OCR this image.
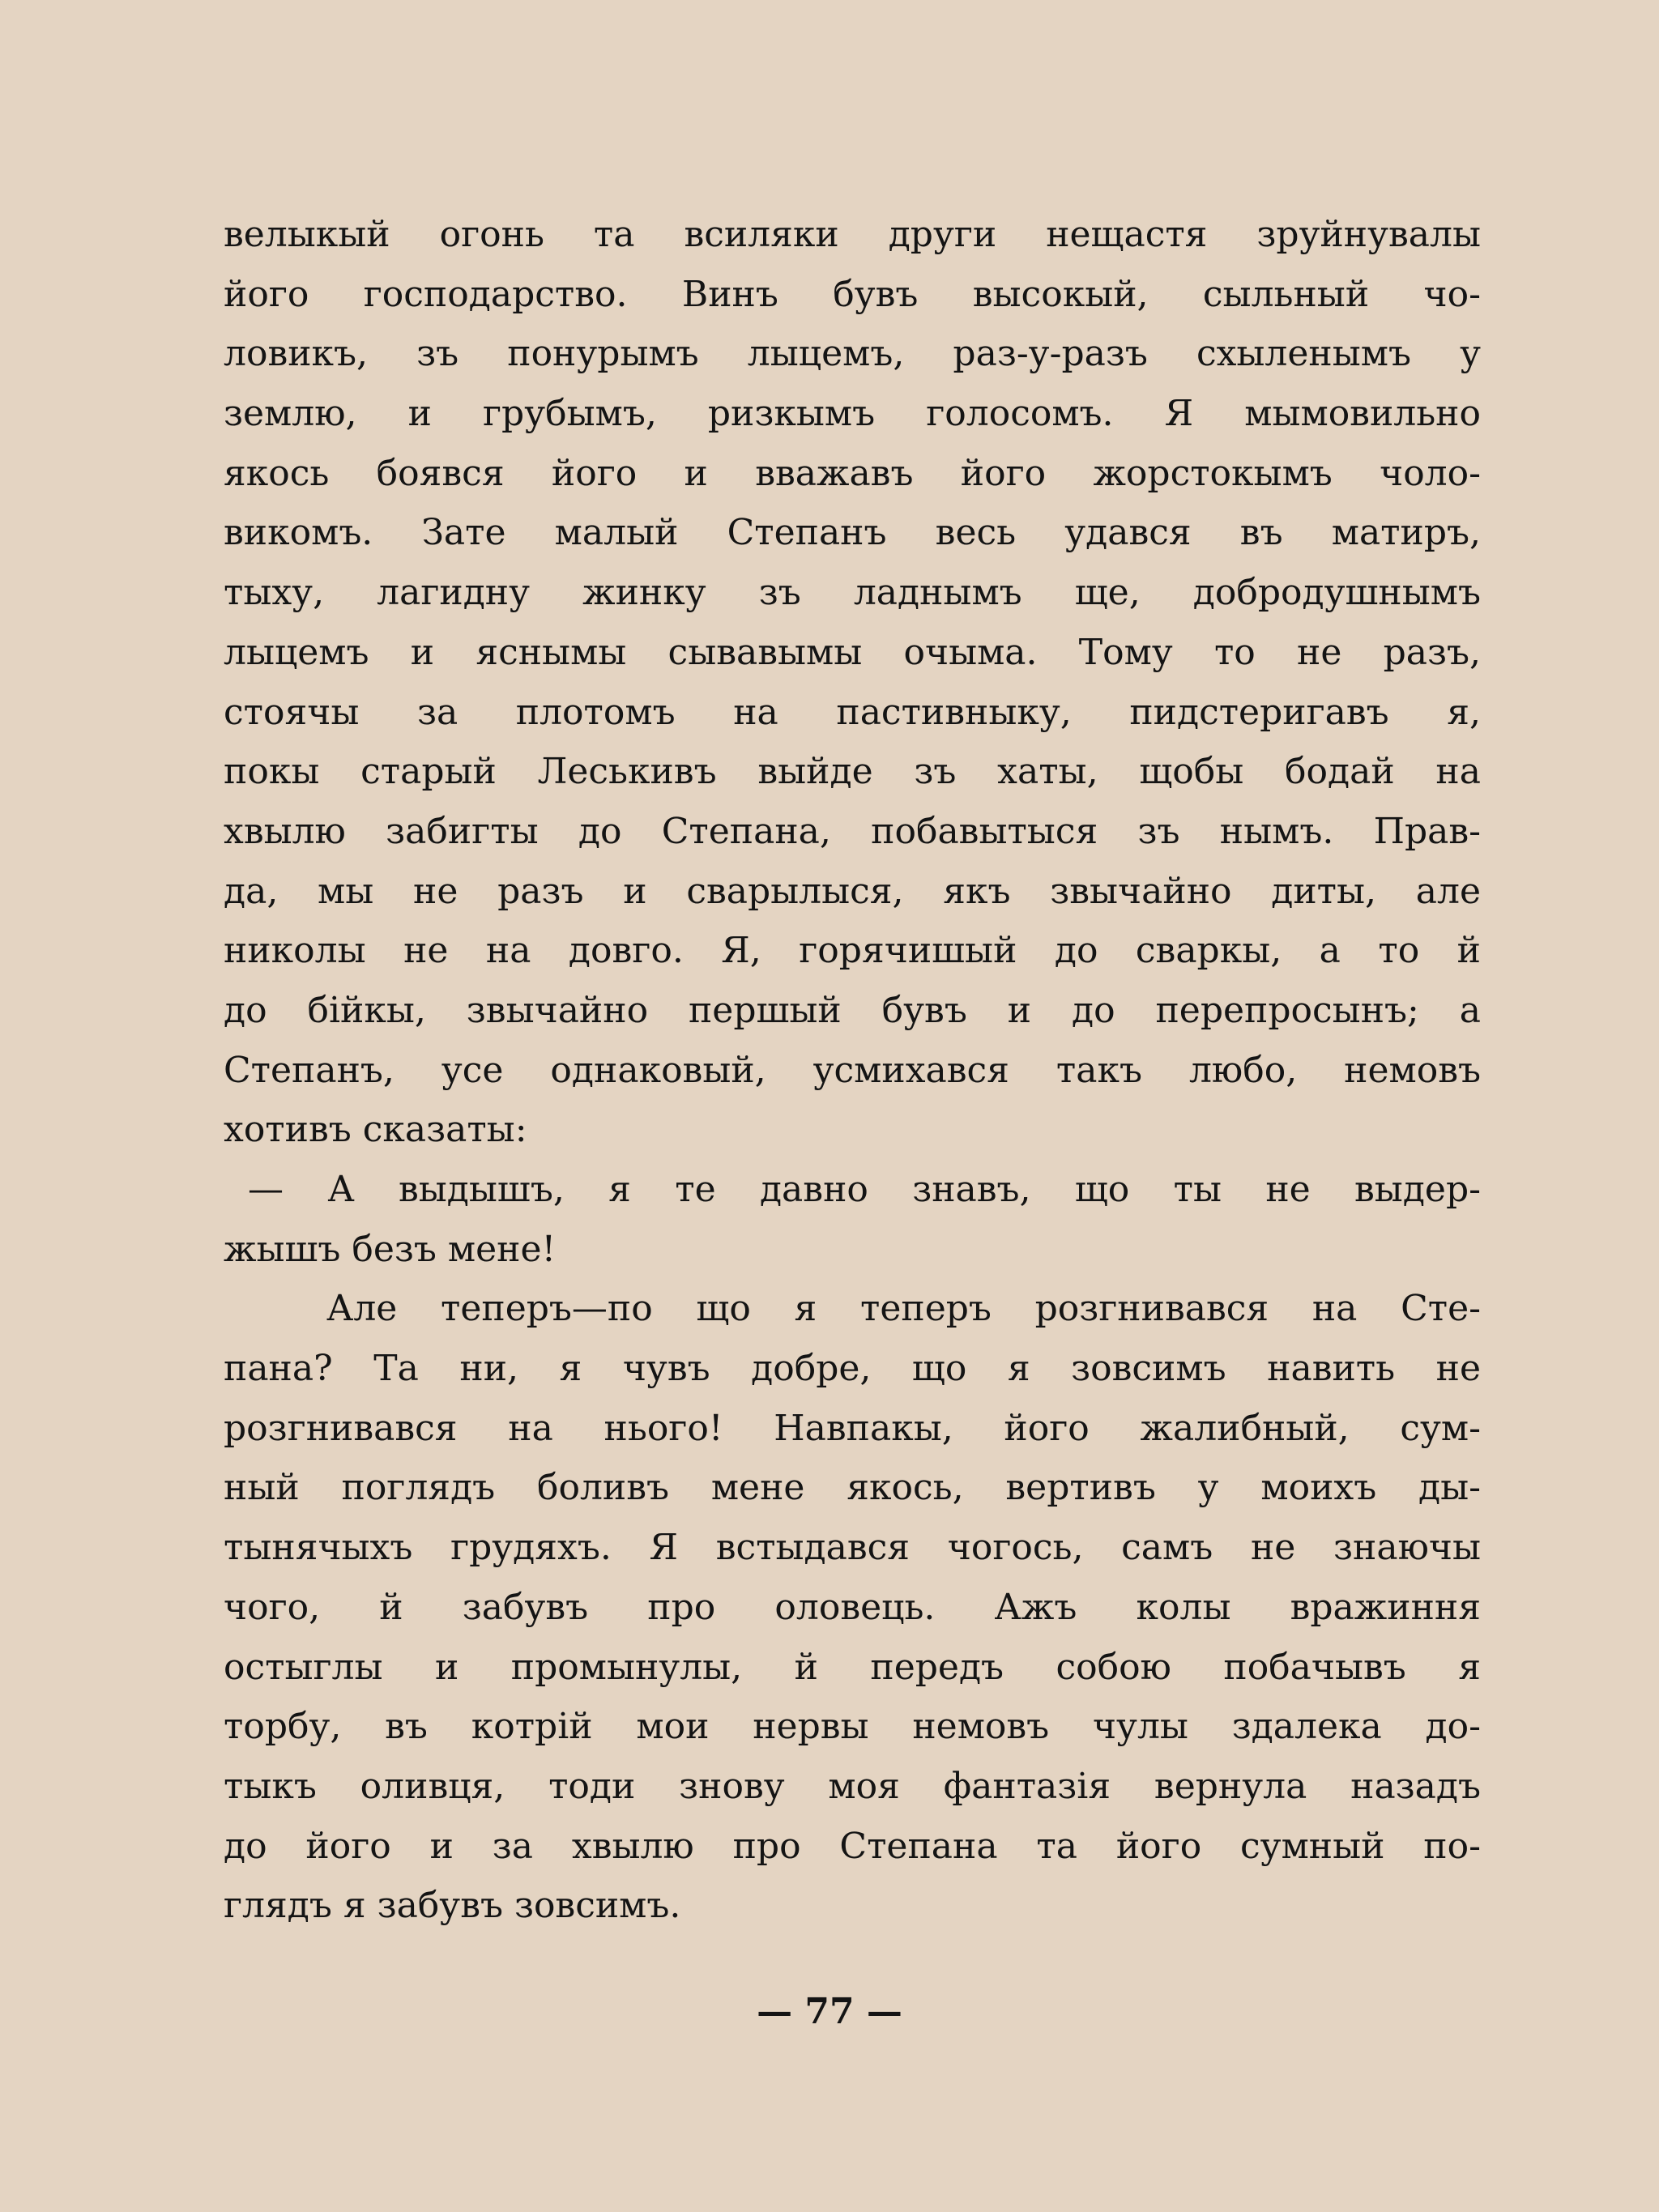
велыкый огонь та всиляки други нещастя зруйнувалы
його господарство. Винъ бувъ высокый, сыльный чо-
ловикъ, зъ понурымъ лыцемъ, раз-у-разъ схыленымъ у
землю, и грубымъ, ризкымъ голосомъ. Я мымовильно
якось боявся його и вважавъ його жорстокымъ чоло-
викомъ. Зате малый Степанъ весь удався въ матиръ,
тыху, лагидну жинку зъ ладнымъ ще, добродушнымъ
лыцемъ и яснымы сывавымы очыма. Тому то не разъ,
стоячы за плотомъ на пастивныку, пидстеригавъ я,
покы старый Леськивъ выйде зъ хаты, щобы бодай на
хвылю забигты до Степана, побавытыся зъ нымъ. Прав-
да, мы не разъ и сварылыся, якъ звычайно диты, але
николы не на довго. Я, горячишый до сваркы, а то й
до бійкы, звычайно першый бувъ и до перепросынъ; а
Степанъ, усе однаковый, усмихався такъ любо, немовъ
хотивъ сказаты:
— А выдышъ, я те давно знавъ, що ты не выдер-
жышъ безъ мене!
Але теперъ—по що я теперъ розгнивався на Сте-
пана? Та ни, я чувъ добре, що я зовсимъ навить не
розгнивався на нього! Навпакы, його жалибный, сум-
ный поглядъ боливъ мене якось, вертивъ у моихъ ды-
тынячыхъ грудяхъ. Я встыдався чогось, самъ не знаючы
чого, й забувъ про оловець. Ажъ колы вражиння
остыглы и промынулы, й передъ собою побачывъ я
торбу, въ котрій мои нервы немовъ чулы здалека до-
тыкъ оливця, тоди знову моя фантазія вернула назадъ
до його и за хвылю про Степана та його сумный по-
глядъ я забувъ зовсимъ.
— 77 —
